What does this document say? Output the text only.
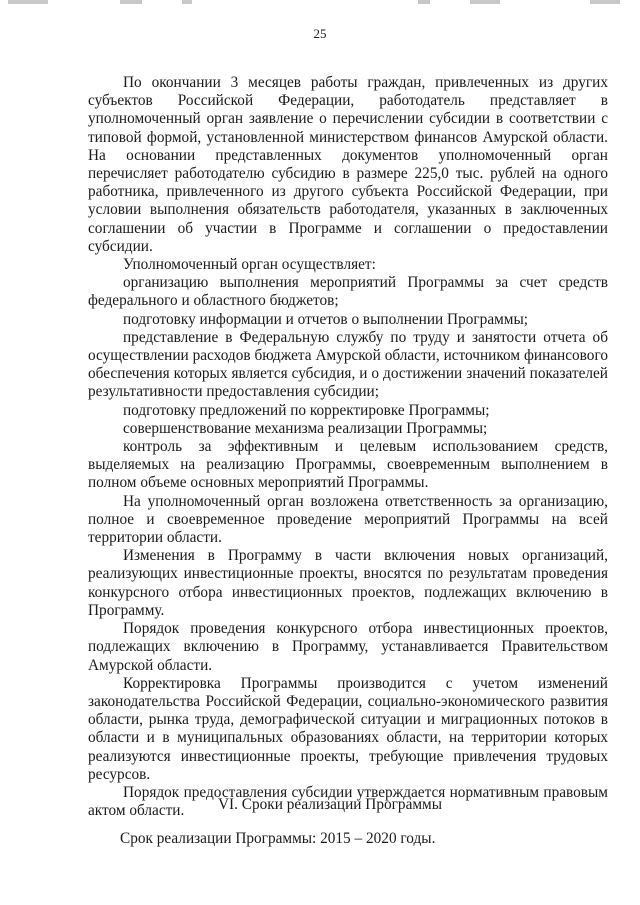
25

По окончании 3 месяцев работы граждан, привлеченных из других субъектов Российской Федерации, работодатель представляет в уполномоченный орган заявление о перечислении субсидии в соответствии с типовой формой, установленной министерством финансов Амурской области. На основании представленных документов уполномоченный орган перечисляет работодателю субсидию в размере 225,0 тыс. рублей на одного работника, привлеченного из другого субъекта Российской Федерации, при условии выполнения обязательств работодателя, указанных в заключенных соглашении об участии в Программе и соглашении о предоставлении субсидии.

Уполномоченный орган осуществляет:

организацию выполнения мероприятий Программы за счет средств федерального и областного бюджетов;

подготовку информации и отчетов о выполнении Программы;

представление в Федеральную службу по труду и занятости отчета об осуществлении расходов бюджета Амурской области, источником финансового обеспечения которых является субсидия, и о достижении значений показателей результативности предоставления субсидии;

подготовку предложений по корректировке Программы;

совершенствование механизма реализации Программы;

контроль за эффективным и целевым использованием средств, выделяемых на реализацию Программы, своевременным выполнением в полном объеме основных мероприятий Программы.

На уполномоченный орган возложена ответственность за организацию, полное и своевременное проведение мероприятий Программы на всей территории области.

Изменения в Программу в части включения новых организаций, реализующих инвестиционные проекты, вносятся по результатам проведения конкурсного отбора инвестиционных проектов, подлежащих включению в Программу.

Порядок проведения конкурсного отбора инвестиционных проектов, подлежащих включению в Программу, устанавливается Правительством Амурской области.

Корректировка Программы производится с учетом изменений законодательства Российской Федерации, социально-экономического развития области, рынка труда, демографической ситуации и миграционных потоков в области и в муниципальных образованиях области, на территории которых реализуются инвестиционные проекты, требующие привлечения трудовых ресурсов.

Порядок предоставления субсидии утверждается нормативным правовым актом области.	VI. Сроки реализации Программы
Срок реализации Программы: 2015 – 2020 годы.
